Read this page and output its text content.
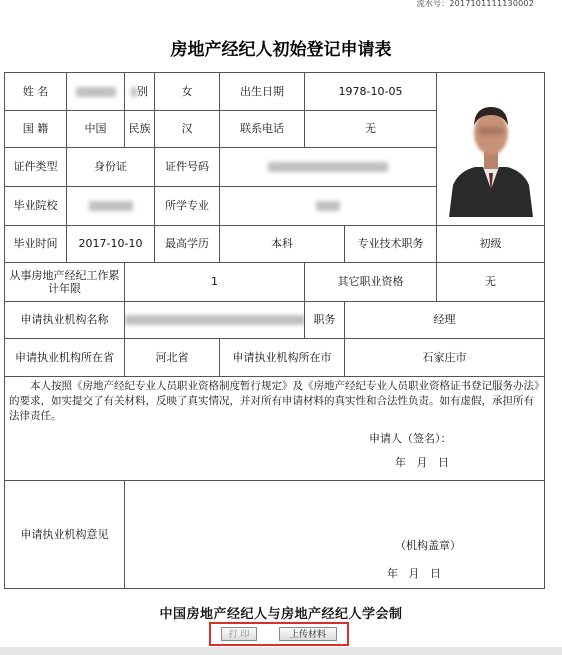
流水号：2017101111130002
房地产经纪人初始登记申请表
姓 名		别	女	出生日期	1978-10-05	

国 籍	中国	民族	汉	联系电话	无		
证件类型	身份证		证件号码				
毕业院校			所学专业				
毕业时间	2017-10-10		最高学历	本科		专业技术职务	初级
从事房地产经纪工作累计年限		1			其它职业资格		无
申请执业机构名称					职务	经理	
申请执业机构所在省		河北省		申请执业机构所在市		石家庄市	

本人按照《房地产经纪专业人员职业资格制度暂行规定》及《房地产经纪专业人员职业资格证书登记服务办法》的要求，如实提交了有关材料，反映了真实情况，并对所有申请材料的真实性和合法性负责。如有虚假，承担所有法律责任。
申请人（签名）：
年   月   日							

申请执业机构意见		（机构盖章）
年   月   日					
中国房地产经纪人与房地产经纪人学会制
打 印	上传材料
